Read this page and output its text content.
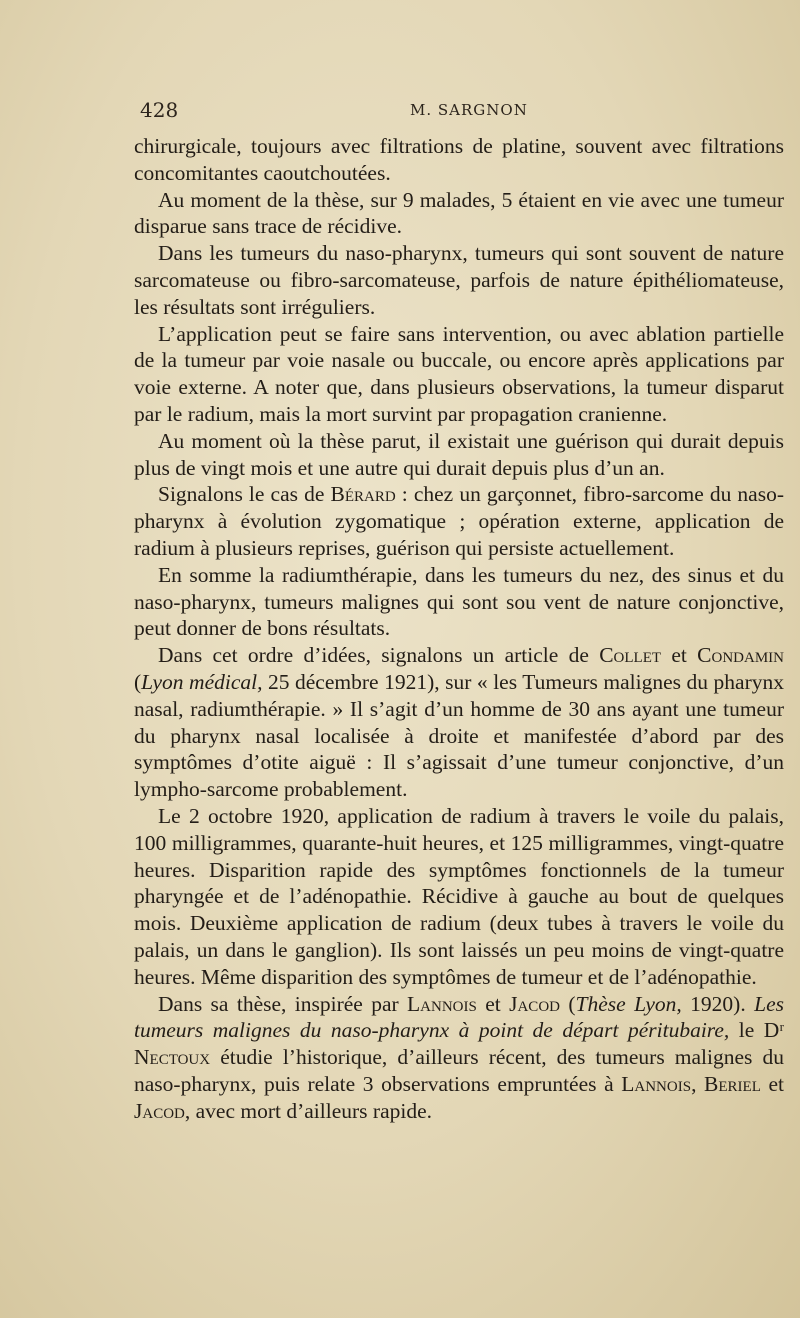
428	M. SARGNON

chirurgicale, toujours avec filtrations de platine, souvent avec filtrations concomitantes caoutchoutées.

Au moment de la thèse, sur 9 malades, 5 étaient en vie avec une tumeur disparue sans trace de récidive.

Dans les tumeurs du naso-pharynx, tumeurs qui sont souvent de nature sarcomateuse ou fibro-sarcomateuse, parfois de nature épithéliomateuse, les résultats sont irréguliers.

L’application peut se faire sans intervention, ou avec ablation partielle de la tumeur par voie nasale ou buccale, ou encore après applications par voie externe. A noter que, dans plusieurs observations, la tumeur disparut par le radium, mais la mort survint par propagation cranienne.

Au moment où la thèse parut, il existait une guérison qui durait depuis plus de vingt mois et une autre qui durait depuis plus d’un an.

Signalons le cas de Bérard : chez un garçonnet, fibro-sarcome du naso-pharynx à évolution zygomatique ; opération externe, application de radium à plusieurs reprises, guérison qui persiste actuellement.

En somme la radiumthérapie, dans les tumeurs du nez, des sinus et du naso-pharynx, tumeurs malignes qui sont sou vent de nature conjonctive, peut donner de bons résultats.

Dans cet ordre d’idées, signalons un article de Collet et Condamin (Lyon médical, 25 décembre 1921), sur « les Tumeurs malignes du pharynx nasal, radiumthérapie. » Il s’agit d’un homme de 30 ans ayant une tumeur du pharynx nasal localisée à droite et manifestée d’abord par des symptômes d’otite aiguë : Il s’agissait d’une tumeur conjonctive, d’un lympho-sarcome probablement.

Le 2 octobre 1920, application de radium à travers le voile du palais, 100 milligrammes, quarante-huit heures, et 125 milligrammes, vingt-quatre heures. Disparition rapide des symptômes fonctionnels de la tumeur pharyngée et de l’adénopathie. Récidive à gauche au bout de quelques mois. Deuxième application de radium (deux tubes à travers le voile du palais, un dans le ganglion). Ils sont laissés un peu moins de vingt-quatre heures. Même disparition des symptômes de tumeur et de l’adénopathie.

Dans sa thèse, inspirée par Lannois et Jacod (Thèse Lyon, 1920). Les tumeurs malignes du naso-pharynx à point de départ péritubaire, le Dʳ Nectoux étudie l’historique, d’ailleurs récent, des tumeurs malignes du naso-pharynx, puis relate 3 observations empruntées à Lannois, Beriel et Jacod, avec mort d’ailleurs rapide.
